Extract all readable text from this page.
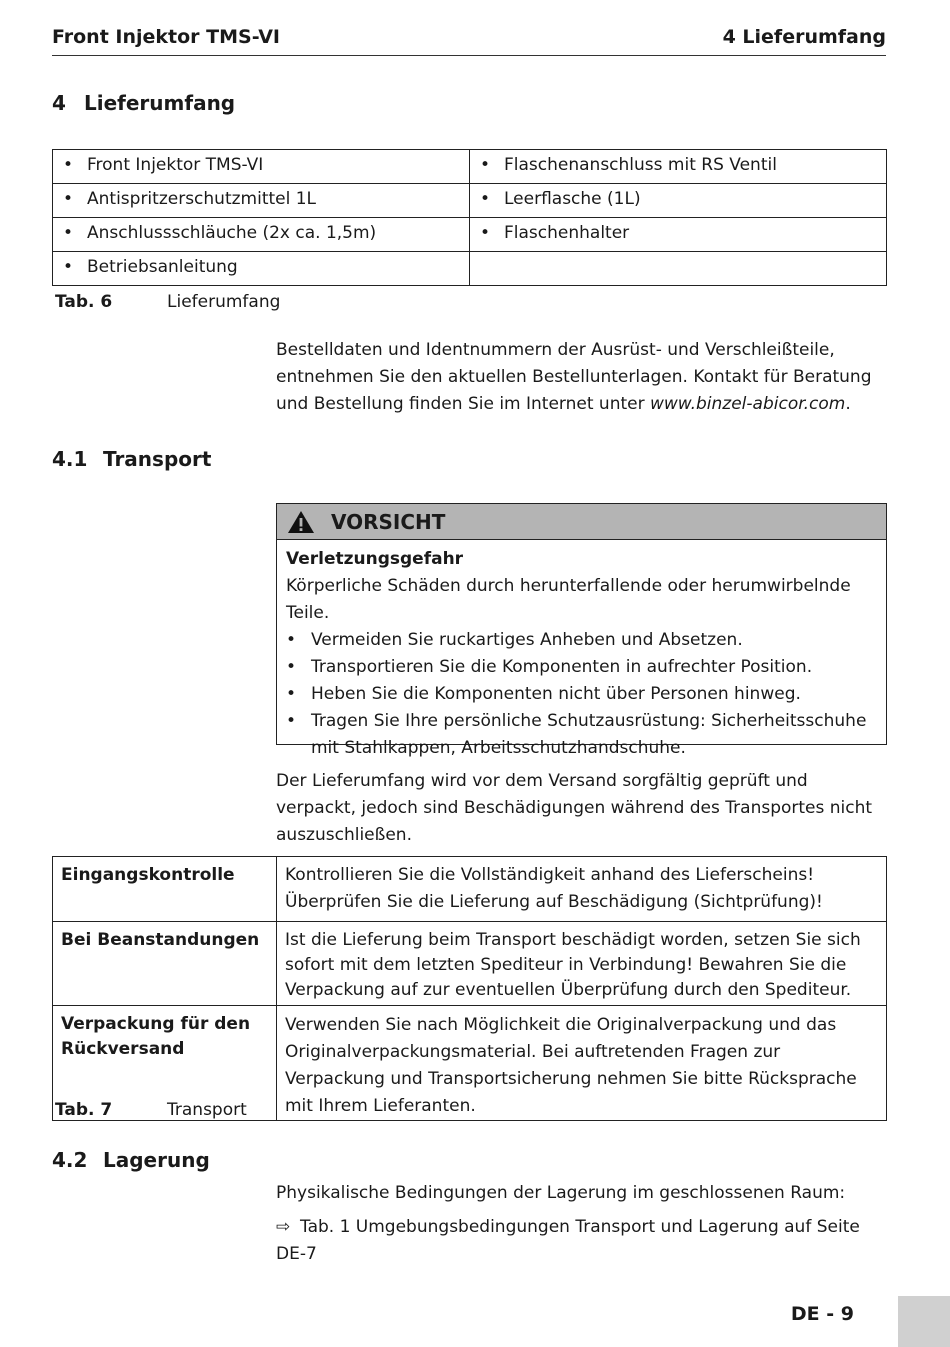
Front Injektor TMS-VI	4 Lieferumfang
4 Lieferumfang
• Front Injektor TMS-VI	• Flaschenanschluss mit RS Ventil
• Antispritzerschutzmittel 1L	• Leerflasche (1L)
• Anschlussschläuche (2x ca. 1,5m)	• Flaschenhalter
• Betriebsanleitung	
Tab. 6	Lieferumfang
Bestelldaten und Identnummern der Ausrüst- und Verschleißteile, entnehmen Sie den aktuellen Bestellunterlagen. Kontakt für Beratung und Bestellung finden Sie im Internet unter www.binzel-abicor.com.
4.1 Transport
VORSICHT
Verletzungsgefahr
Körperliche Schäden durch herunterfallende oder herumwirbelnde Teile.
• Vermeiden Sie ruckartiges Anheben und Absetzen.
• Transportieren Sie die Komponenten in aufrechter Position.
• Heben Sie die Komponenten nicht über Personen hinweg.
• Tragen Sie Ihre persönliche Schutzausrüstung: Sicherheitsschuhe mit Stahlkappen, Arbeitsschutzhandschuhe.
Der Lieferumfang wird vor dem Versand sorgfältig geprüft und verpackt, jedoch sind Beschädigungen während des Transportes nicht auszuschließen.
Eingangskontrolle	Kontrollieren Sie die Vollständigkeit anhand des Lieferscheins!
Überprüfen Sie die Lieferung auf Beschädigung (Sichtprüfung)!

Bei Beanstandungen	Ist die Lieferung beim Transport beschädigt worden, setzen Sie sich sofort mit dem letzten Spediteur in Verbindung! Bewahren Sie die Verpackung auf zur eventuellen Überprüfung durch den Spediteur.
Verpackung für den Rückversand	Verwenden Sie nach Möglichkeit die Originalverpackung und das Originalverpackungsmaterial. Bei auftretenden Fragen zur Verpackung und Transportsicherung nehmen Sie bitte Rücksprache mit Ihrem Lieferanten.
Tab. 7	Transport
4.2 Lagerung
Physikalische Bedingungen der Lagerung im geschlossenen Raum:
⇨ Tab. 1 Umgebungsbedingungen Transport und Lagerung auf Seite DE-7
DE - 9
